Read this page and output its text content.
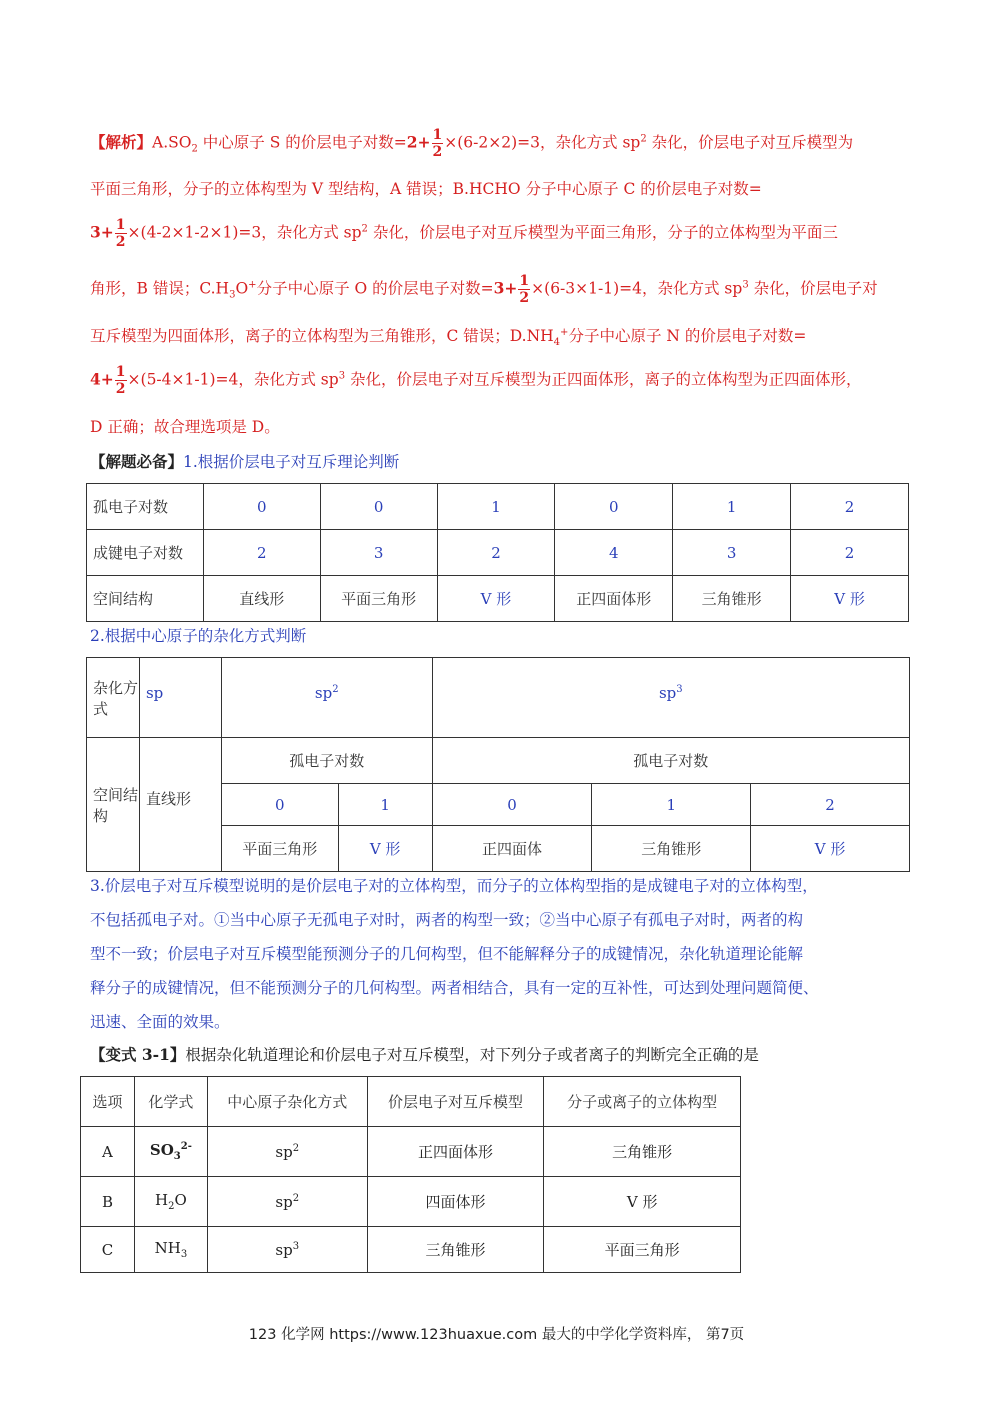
【解析】$A.SO_2$ 中心原子 S 的价层电子对数$=2+ \frac{1}{2} \times(6-2\times 2)=3$，杂化方式 $sp^2$ 杂化，价层电子对互斥模型为
平面三角形，分子的立体构型为 V 型结构，A 错误；B.HCHO 分子中心原子 C 的价层电子对数=
$3+ \frac{1}{2} \times(4-2\times 1-2\times 1)=3$，杂化方式 $sp^2$ 杂化，价层电子对互斥模型为平面三角形，分子的立体构型为平面三
角形，B 错误；$C.H_3O^+$分子中心原子 O 的价层电子对数$=3+ \frac{1}{2} \times(6-3\times 1-1)=4$，杂化方式 $sp^3$ 杂化，价层电子对
互斥模型为四面体形，离子的立体构型为三角锥形，C 错误；$D.NH_4^+$分子中心原子 N 的价层电子对数=
$4+ \frac{1}{2} \times(5-4\times 1-1)=4$，杂化方式 $sp^3$ 杂化，价层电子对互斥模型为正四面体形，离子的立体构型为正四面体形，
D 正确；故合理选项是 D。
【解题必备】1.根据价层电子对互斥理论判断
孤电子对数	0	0	1	0	1	2
成键电子对数	2	3	2	4	3	2
空间结构	直线形	平面三角形	V 形	正四面体形	三角锥形	V 形
2.根据中心原子的杂化方式判断
杂化方式	sp	$sp^2$		$sp^3$
空间结构	直线形	孤电子对数		孤电子对数		
		0	1	0	1	2
		平面三角形	V 形	正四面体	三角锥形	V 形
3.价层电子对互斥模型说明的是价层电子对的立体构型，而分子的立体构型指的是成键电子对的立体构型，
不包括孤电子对。①当中心原子无孤电子对时，两者的构型一致；②当中心原子有孤电子对时，两者的构
型不一致；价层电子对互斥模型能预测分子的几何构型，但不能解释分子的成键情况，杂化轨道理论能解
释分子的成键情况，但不能预测分子的几何构型。两者相结合，具有一定的互补性，可达到处理问题简便、
迅速、全面的效果。
【变式 3-1】根据杂化轨道理论和价层电子对互斥模型，对下列分子或者离子的判断完全正确的是
选项	化学式	中心原子杂化方式	价层电子对互斥模型	分子或离子的立体构型
A	$SO_3^{2-}$	$sp^2$	正四面体形	三角锥形
B	$H_2O$	$sp^2$	四面体形	V 形
C	$NH_3$	$sp^3$	三角锥形	平面三角形
123 化学网 https://www.123huaxue.com 最大的中学化学资料库， 第7页
